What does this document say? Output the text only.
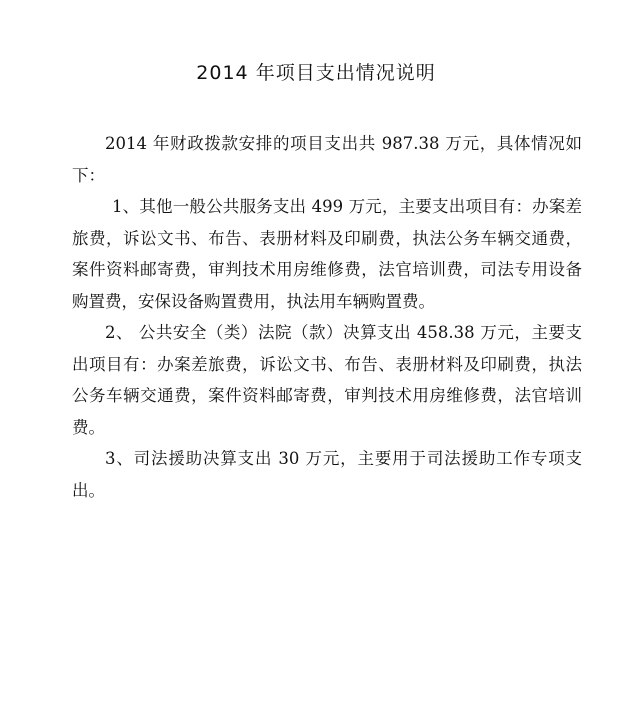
2014 年项目支出情况说明

2014 年财政拨款安排的项目支出共 987.38 万元，具体情况如下：

1、其他一般公共服务支出 499 万元，主要支出项目有：办案差旅费，诉讼文书、布告、表册材料及印刷费，执法公务车辆交通费，案件资料邮寄费，审判技术用房维修费，法官培训费，司法专用设备购置费，安保设备购置费用，执法用车辆购置费。

2、 公共安全（类）法院（款）决算支出 458.38 万元，主要支出项目有：办案差旅费，诉讼文书、布告、表册材料及印刷费，执法公务车辆交通费，案件资料邮寄费，审判技术用房维修费，法官培训费。

3、司法援助决算支出 30 万元，主要用于司法援助工作专项支出。
